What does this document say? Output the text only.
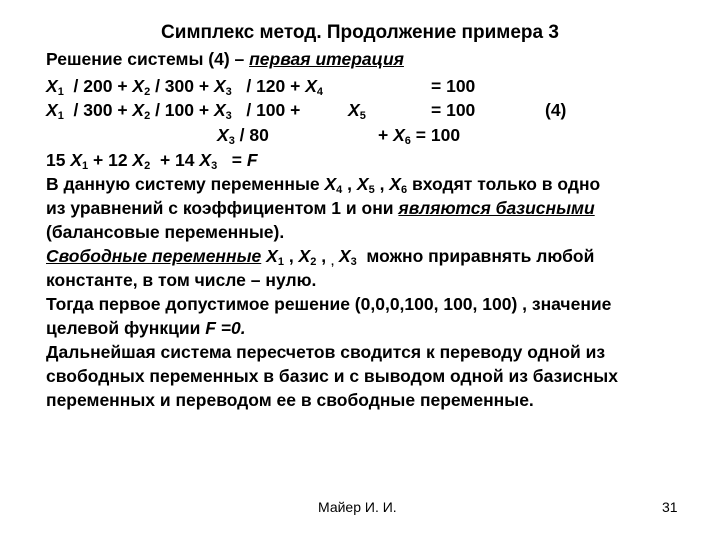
Симплекс метод. Продолжение примера 3
Решение системы (4) – первая итерация
$X_1 / 200 + X_2 / 300 + X_3 / 120 + X_4$	= 100
$X_1 / 300 + X_2 / 100 + X_3 / 100$ +	$X_5$	= 100	(4)
$X_3 / 80$	+ $X_6 = 100$
15 $X_1 + 12$ $X_2 + 14$ $X_3 = F$
В данную систему переменные $X_4$ , $X_5$ , $X_6$ входят только в одно
из уравнений с коэффициентом 1 и они являются базисными
(балансовые переменные).
Свободные переменные $X_1$ , $X_2$ , $_,$ $X_3$  можно приравнять любой
константе, в том числе – нулю.
Тогда первое допустимое решение (0,0,0,100, 100, 100) , значение
целевой функции F =0.
Дальнейшая система пересчетов сводится к переводу одной из
свободных переменных в базис и с выводом одной из базисных
переменных и переводом ее в свободные переменные.
Майер И. И.	31
